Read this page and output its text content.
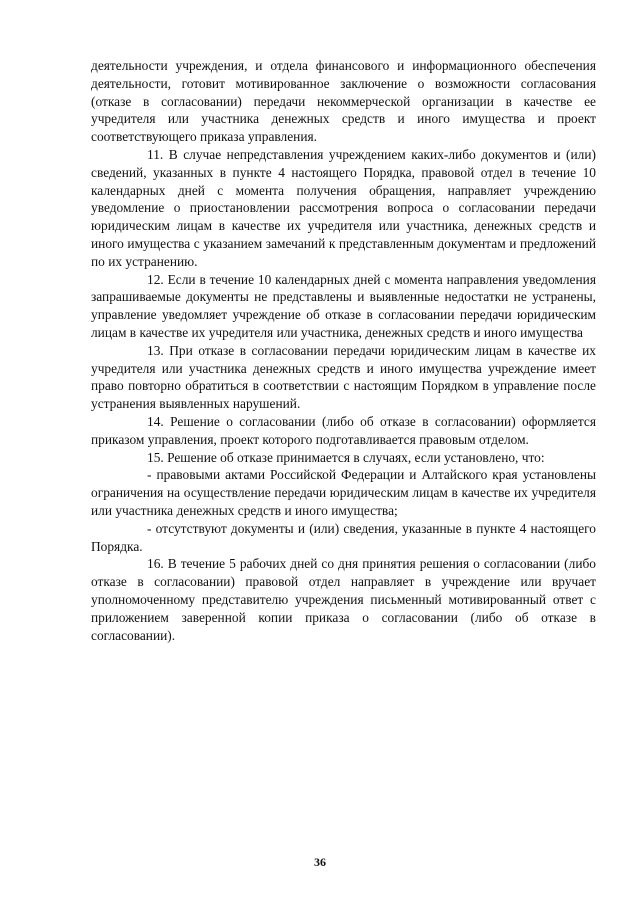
деятельности учреждения, и отдела финансового и информационного обеспечения деятельности, готовит мотивированное заключение о возможности согласования (отказе в согласовании) передачи некоммерческой организации в качестве ее учредителя или участника денежных средств и иного имущества и проект соответствующего приказа управления.

11. В случае непредставления учреждением каких-либо документов и (или) сведений, указанных в пункте 4 настоящего Порядка, правовой отдел в течение 10 календарных дней с момента получения обращения, направляет учреждению уведомление о приостановлении рассмотрения вопроса о согласовании передачи юридическим лицам в качестве их учредителя или участника, денежных средств и иного имущества с указанием замечаний к представленным документам и предложений по их устранению.

12. Если в течение 10 календарных дней с момента направления уведомления запрашиваемые документы не представлены и выявленные недостатки не устранены, управление уведомляет учреждение об отказе в согласовании передачи юридическим лицам в качестве их учредителя или участника, денежных средств и иного имущества

13. При отказе в согласовании передачи юридическим лицам в качестве их учредителя или участника денежных средств и иного имущества учреждение имеет право повторно обратиться в соответствии с настоящим Порядком в управление после устранения выявленных нарушений.

14. Решение о согласовании (либо об отказе в согласовании) оформляется приказом управления, проект которого подготавливается правовым отделом.

15. Решение об отказе принимается в случаях, если установлено, что:

- правовыми актами Российской Федерации и Алтайского края установлены ограничения на осуществление передачи юридическим лицам в качестве их учредителя или участника денежных средств и иного имущества;

- отсутствуют документы и (или) сведения, указанные в пункте 4 настоящего Порядка.

16. В течение 5 рабочих дней со дня принятия решения о согласовании (либо отказе в согласовании) правовой отдел направляет в учреждение или вручает уполномоченному представителю учреждения письменный мотивированный ответ с приложением заверенной копии приказа о согласовании (либо об отказе в согласовании).

36
